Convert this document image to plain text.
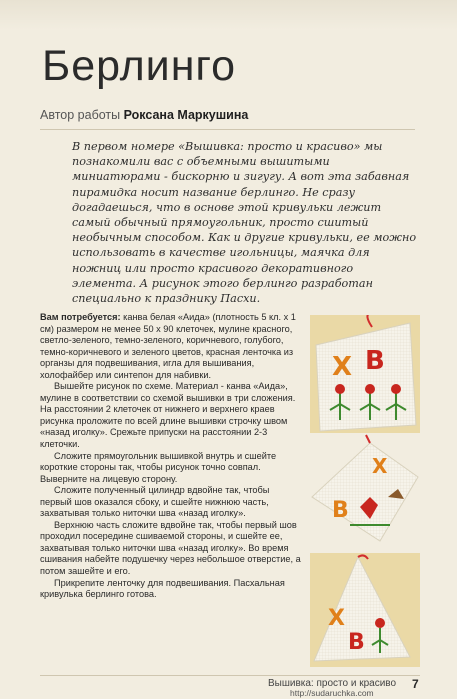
Берлинго
Автор работы Роксана Маркушина

В первом номере «Вышивка: просто и красиво» мы познакомили вас с объемными вышитыми миниатюрами - бискорню и зигугу. А вот эта забавная пирамидка носит название берлинго. Не сразу догадаешься, что в основе этой кривульки лежит самый обычный прямоугольник, просто сшитый необычным способом. Как и другие кривульки, ее можно использовать в качестве игольницы, маячка для ножниц или просто красивого декоративного элемента. А рисунок этого берлинго разработан специально к празднику Пасхи.

Вам потребуется: канва белая «Аида» (плотность 5 кл. х 1 см) размером не менее 50 х 90 клеточек, мулине красного, светло-зеленого, темно-зеленого, коричневого, голубого, темно-коричневого и зеленого цветов, красная ленточка из органзы для подвешивания, игла для вышивания, холофайбер или синтепон для набивки.

Вышейте рисунок по схеме. Материал - канва «Аида», мулине в соответствии со схемой вышивки в три сложения. На расстоянии 2 клеточек от нижнего и верхнего краев рисунка проложите по всей длине вышивки строчку швом «назад иголку». Срежьте припуски на расстоянии 2-3 клеточки.

Сложите прямоугольник вышивкой внутрь и сшейте короткие стороны так, чтобы рисунок точно совпал. Выверните на лицевую сторону.

Сложите полученный цилиндр вдвойне так, чтобы первый шов оказался сбоку, и сшейте нижнюю часть, захватывая только ниточки шва «назад иголку».

Верхнюю часть сложите вдвойне так, чтобы первый шов проходил посередине сшиваемой стороны, и сшейте ее, захватывая только ниточки шва «назад иголку». Во время сшивания набейте подушечку через небольшое отверстие, а потом зашейте и его.

Прикрепите ленточку для подвешивания. Пасхальная кривулька берлинго готова.

Х В
В
Х
Х
В
Вышивка: просто и красиво 7
http://sudaruchka.com
